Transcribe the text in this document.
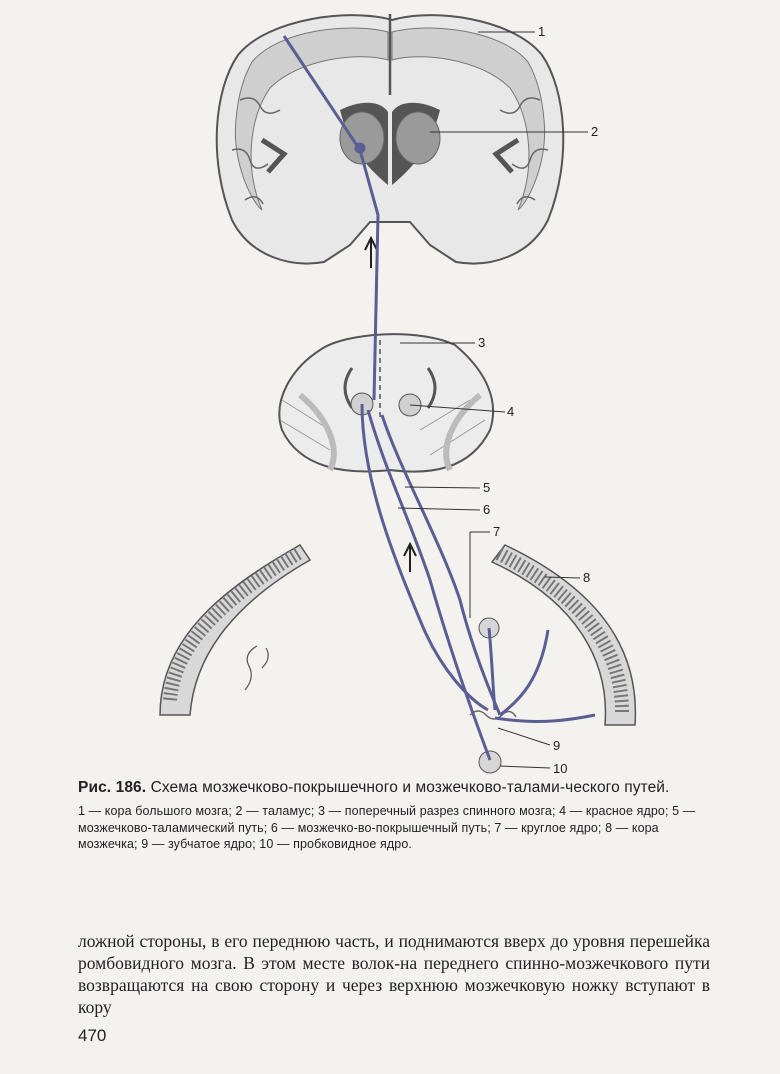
1
2
3
4
5
6
7
8
9
10
Рис. 186. Схема мозжечково-покрышечного и мозжечково-талами-ческого путей.
1 — кора большого мозга; 2 — таламус; 3 — поперечный разрез спинного мозга; 4 — красное ядро; 5 — мозжечково-таламический путь; 6 — мозжечко-во-покрышечный путь; 7 — круглое ядро; 8 — кора мозжечка; 9 — зубчатое ядро; 10 — пробковидное ядро.
ложной стороны, в его переднюю часть, и поднимаются вверх до уровня перешейка ромбовидного мозга. В этом месте волок-на переднего спинно-мозжечкового пути возвращаются на свою сторону и через верхнюю мозжечковую ножку вступают в кору
470
